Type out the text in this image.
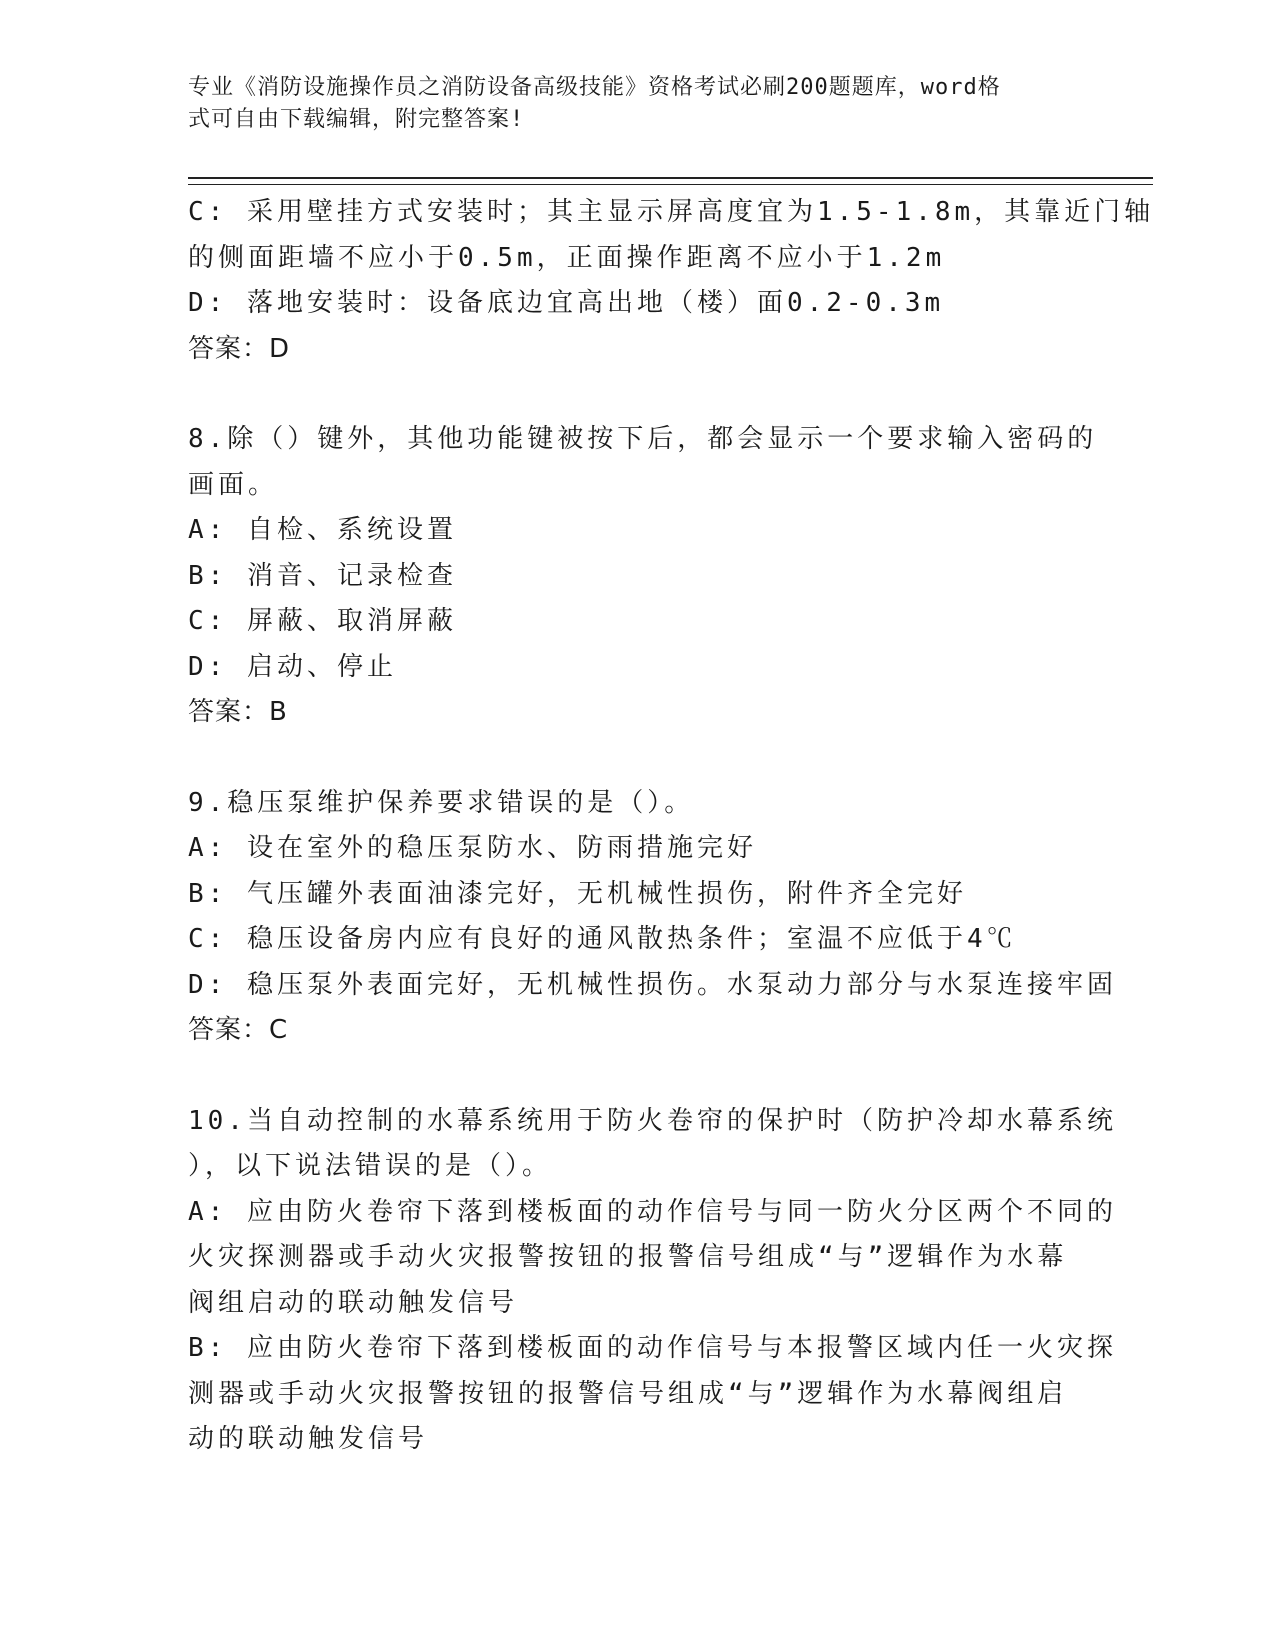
专业《消防设施操作员之消防设备高级技能》资格考试必刷200题题库，word格
式可自由下载编辑，附完整答案!
C: 采用壁挂方式安装时；其主显示屏高度宜为1.5-1.8m，其靠近门轴
的侧面距墙不应小于0.5m，正面操作距离不应小于1.2m
D: 落地安装时：设备底边宜高出地（楼）面0.2-0.3m
答案：D
8.除（）键外，其他功能键被按下后，都会显示一个要求输入密码的
画面。
A: 自检、系统设置
B: 消音、记录检查
C: 屏蔽、取消屏蔽
D: 启动、停止
答案：B
9.稳压泵维护保养要求错误的是（）。
A: 设在室外的稳压泵防水、防雨措施完好
B: 气压罐外表面油漆完好，无机械性损伤，附件齐全完好
C: 稳压设备房内应有良好的通风散热条件；室温不应低于4℃
D: 稳压泵外表面完好，无机械性损伤。水泵动力部分与水泵连接牢固
答案：C
10.当自动控制的水幕系统用于防火卷帘的保护时（防护冷却水幕系统
），以下说法错误的是（）。
A: 应由防火卷帘下落到楼板面的动作信号与同一防火分区两个不同的
火灾探测器或手动火灾报警按钮的报警信号组成“与”逻辑作为水幕
阀组启动的联动触发信号
B: 应由防火卷帘下落到楼板面的动作信号与本报警区域内任一火灾探
测器或手动火灾报警按钮的报警信号组成“与”逻辑作为水幕阀组启
动的联动触发信号
